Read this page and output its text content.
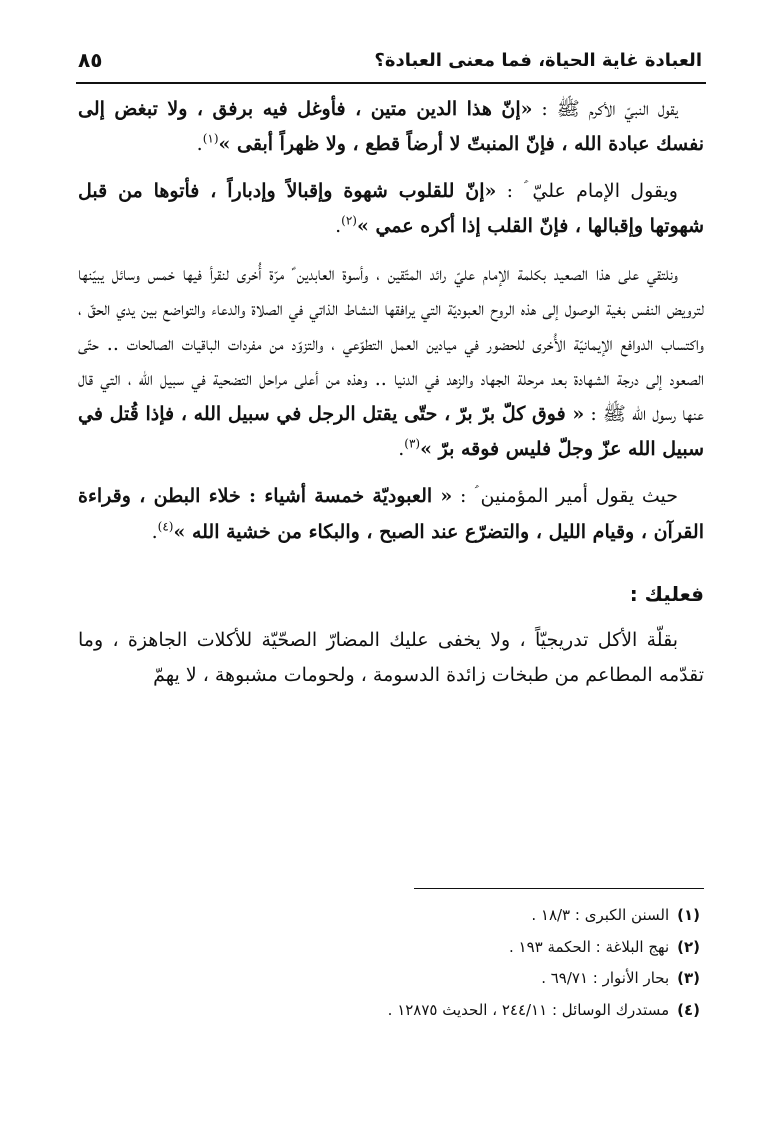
العبادة غاية الحياة، فما معنى العبادة؟
٨٥

يقول النبيّ الأكرم ﷺ : «إنّ هذا الدين متين ، فأوغل فيه برفق ، ولا تبغض إلى نفسك عبادة الله ، فإنّ المنبتّ لا أرضاً قطع ، ولا ظهراً أبقى »$^{(١)}$.

ويقول الإمام عليّ ؑ : «إنّ للقلوب شهوة وإقبالاً وإدباراً ، فأتوها من قبل شهوتها وإقبالها ، فإنّ القلب إذا أكره عمي »$^{(٢)}$.

ونلتقي على هذا الصعيد بكلمة الإمام عليّ رائد المتّقين ، وأسوة العابدين ؑ مرّة أُخرى لنقرأ فيها خمس وسائل يبيّنها لترويض النفس بغية الوصول إلى هذه الروح العبوديّة التي يرافقها النشاط الذاتي في الصلاة والدعاء والتواضع بين يدي الحقّ ، واكتساب الدوافع الإيمانيّة الأُخرى للحضور في ميادين العمل التطوّعي ، والتزوّد من مفردات الباقيات الصالحات .. حتّى الصعود إلى درجة الشهادة بعد مرحلة الجهاد والزهد في الدنيا .. وهذه من أعلى مراحل التضحية في سبيل الله ، التي قال عنها رسول الله ﷺ : « فوق كلّ برّ برّ ، حتّى يقتل الرجل في سبيل الله ، فإذا قُتل في سبيل الله عزّ وجلّ فليس فوقه برّ »$^{(٣)}$.

حيث يقول أمير المؤمنين ؑ : « العبوديّة خمسة أشياء : خلاء البطن ، وقراءة القرآن ، وقيام الليل ، والتضرّع عند الصبح ، والبكاء من خشية الله »$^{(٤)}$.

فعليك :

بقلّة الأكل تدريجيّاً ، ولا يخفى عليك المضارّ الصحّيّة للأكلات الجاهزة ، وما تقدّمه المطاعم من طبخات زائدة الدسومة ، ولحومات مشبوهة ، لا يهمّ

(١)
السنن الكبرى : ١٨/٣ .
(٢)
نهج البلاغة : الحكمة ١٩٣ .
(٣)
بحار الأنوار : ٦٩/٧١ .
(٤)
مستدرك الوسائل : ٢٤٤/١١ ، الحديث ١٢٨٧٥ .
